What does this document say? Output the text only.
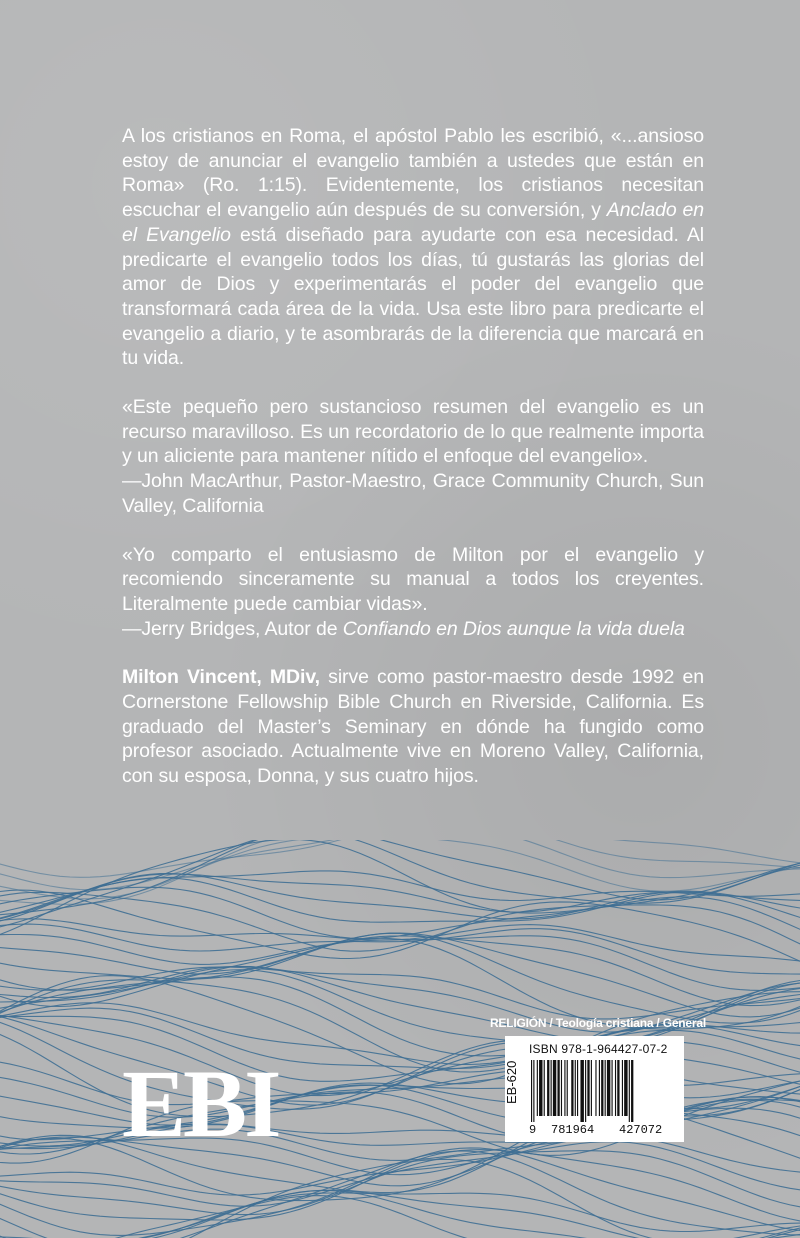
A los cristianos en Roma, el apóstol Pablo les escribió, «...ansioso estoy de anunciar el evangelio también a ustedes que están en Roma» (Ro. 1:15). Evidentemente, los cristianos necesitan escuchar el evangelio aún después de su conversión, y Anclado en el Evangelio está diseñado para ayudarte con esa necesidad. Al predicarte el evangelio todos los días, tú gustarás las glorias del amor de Dios y experimentarás el poder del evangelio que transformará cada área de la vida. Usa este libro para predicarte el evangelio a diario, y te asombrarás de la diferencia que marcará en tu vida.

«Este pequeño pero sustancioso resumen del evangelio es un recurso maravilloso. Es un recordatorio de lo que realmente importa y un aliciente para mantener nítido el enfoque del evangelio».
—John MacArthur, Pastor-Maestro, Grace Community Church, Sun Valley, California

«Yo comparto el entusiasmo de Milton por el evangelio y recomiendo sinceramente su manual a todos los creyentes. Literalmente puede cambiar vidas».
—Jerry Bridges, Autor de Confiando en Dios aunque la vida duela

Milton Vincent, MDiv, sirve como pastor-maestro desde 1992 en Cornerstone Fellowship Bible Church en Riverside, California. Es graduado del Master’s Seminary en dónde ha fungido como profesor asociado. Actualmente vive en Moreno Valley, California, con su esposa, Donna, y sus cuatro hijos.

EBI
RELIGIÓN / Teología cristiana / General
ISBN 978-1-964427-07-2
EB-620
9 781964 427072
